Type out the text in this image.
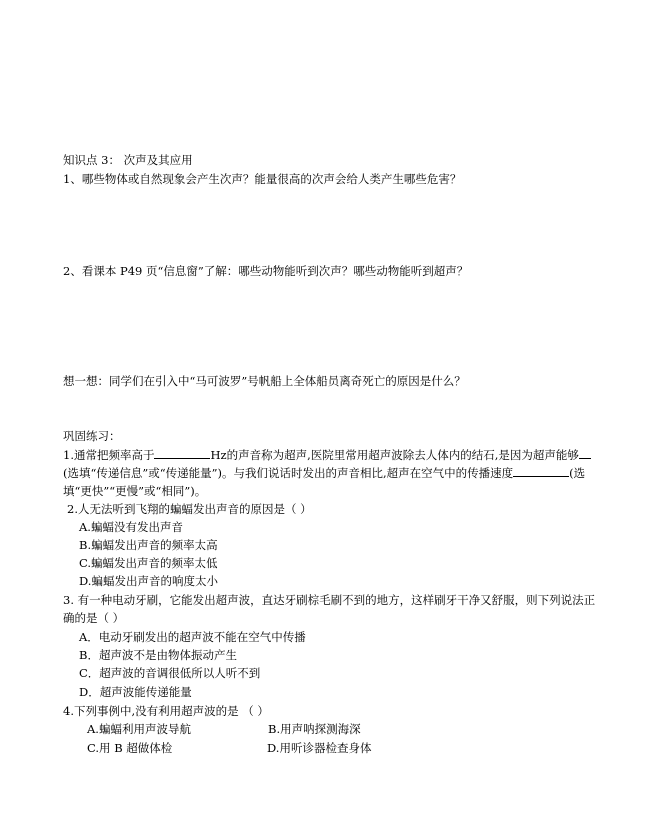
知识点 3： 次声及其应用
1、哪些物体或自然现象会产生次声？能量很高的次声会给人类产生哪些危害？
2、看课本 P49 页“信息窗”了解：哪些动物能听到次声？哪些动物能听到超声？
想一想：同学们在引入中“马可波罗”号帆船上全体船员离奇死亡的原因是什么？
巩固练习：
1.通常把频率高于	Hz的声音称为超声,医院里常用超声波除去人体内的结石,是因为超声能够
(选填“传递信息”或“传递能量”)。与我们说话时发出的声音相比,超声在空气中的传播速度	(选
填“更快”“更慢”或“相同”)。
2.人无法听到飞翔的蝙蝠发出声音的原因是（ ）
A.蝙蝠没有发出声音
B.蝙蝠发出声音的频率太高
C.蝙蝠发出声音的频率太低
D.蝙蝠发出声音的响度太小
3. 有一种电动牙刷，它能发出超声波，直达牙刷棕毛刷不到的地方，这样刷牙干净又舒服，则下列说法正
确的是（ ）
A．电动牙刷发出的超声波不能在空气中传播
B．超声波不是由物体振动产生
C．超声波的音调很低所以人听不到
D．超声波能传递能量
4.下列事例中,没有利用超声波的是 （ ）
A.蝙蝠利用声波导航	B.用声呐探测海深
C.用 B 超做体检	D.用听诊器检查身体
